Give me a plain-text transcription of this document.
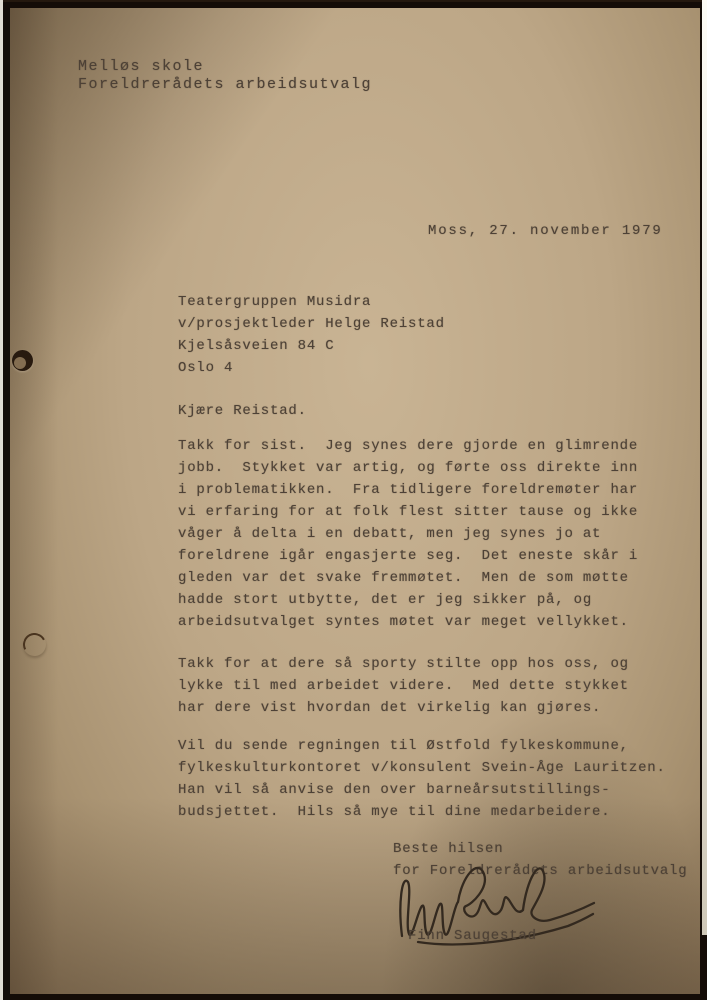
Melløs skole
Foreldrerådets arbeidsutvalg
Moss, 27. november 1979
Teatergruppen Musidra
v/prosjektleder Helge Reistad
Kjelsåsveien 84 C
Oslo 4
Kjære Reistad.
Takk for sist.  Jeg synes dere gjorde en glimrende
jobb.  Stykket var artig, og førte oss direkte inn
i problematikken.  Fra tidligere foreldremøter har
vi erfaring for at folk flest sitter tause og ikke
våger å delta i en debatt, men jeg synes jo at
foreldrene igår engasjerte seg.  Det eneste skår i
gleden var det svake fremmøtet.  Men de som møtte
hadde stort utbytte, det er jeg sikker på, og
arbeidsutvalget syntes møtet var meget vellykket.
Takk for at dere så sporty stilte opp hos oss, og
lykke til med arbeidet videre.  Med dette stykket
har dere vist hvordan det virkelig kan gjøres.
Vil du sende regningen til Østfold fylkeskommune,
fylkeskulturkontoret v/konsulent Svein-Åge Lauritzen.
Han vil så anvise den over barneårsutstillings-
budsjettet.  Hils så mye til dine medarbeidere.
Beste hilsen
for Foreldrerådets arbeidsutvalg
Finn Saugestad
